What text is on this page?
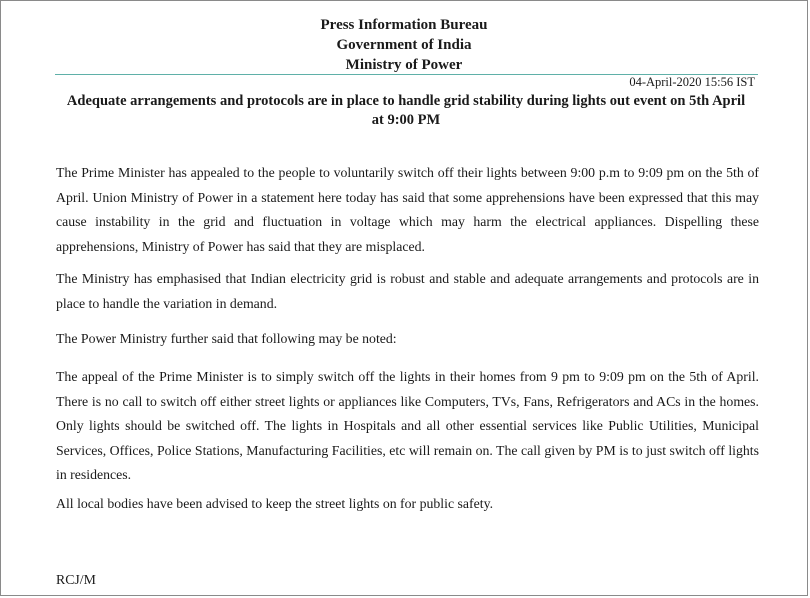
Press Information Bureau
Government of India
Ministry of Power
04-April-2020 15:56 IST
Adequate arrangements and protocols are in place to handle grid stability during lights out event on 5th April at 9:00 PM
The Prime Minister has appealed to the people to voluntarily switch off their lights between 9:00 p.m to 9:09 pm on the 5th of April. Union Ministry of Power in a statement here today has said that some apprehensions have been expressed that this may cause instability in the grid and fluctuation in voltage which may harm the electrical appliances. Dispelling these apprehensions, Ministry of Power has said that they are misplaced.
The Ministry has emphasised that Indian electricity grid is robust and stable and adequate arrangements and protocols are in place to handle the variation in demand.
The Power Ministry further said that following may be noted:
The appeal of the Prime Minister is to simply switch off the lights in their homes from 9 pm to 9:09 pm on the 5th of April. There is no call to switch off either street lights or appliances like Computers, TVs, Fans, Refrigerators and ACs in the homes. Only lights should be switched off. The lights in Hospitals and all other essential services like Public Utilities, Municipal Services, Offices, Police Stations, Manufacturing Facilities, etc will remain on. The call given by PM is to just switch off lights in residences.
All local bodies have been advised to keep the street lights on for public safety.
RCJ/M
